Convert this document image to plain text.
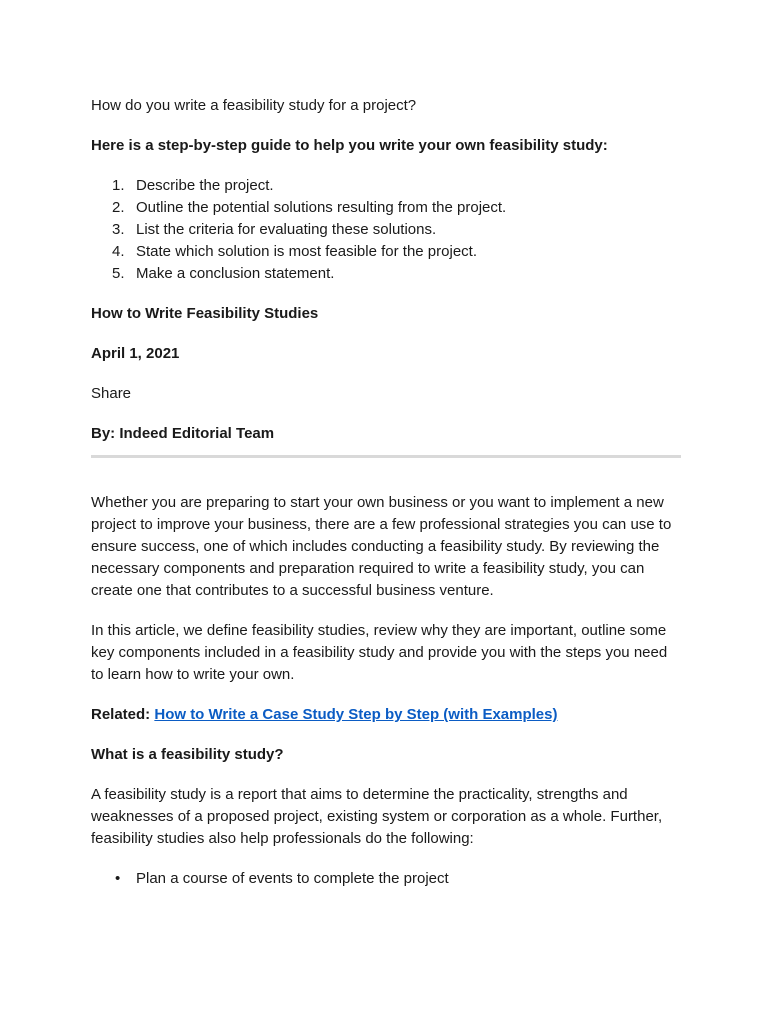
How do you write a feasibility study for a project?

Here is a step-by-step guide to help you write your own feasibility study:

1. Describe the project.
2. Outline the potential solutions resulting from the project.
3. List the criteria for evaluating these solutions.
4. State which solution is most feasible for the project.
5. Make a conclusion statement.

How to Write Feasibility Studies

April 1, 2021

Share

By: Indeed Editorial Team

Whether you are preparing to start your own business or you want to implement a new project to improve your business, there are a few professional strategies you can use to ensure success, one of which includes conducting a feasibility study. By reviewing the necessary components and preparation required to write a feasibility study, you can create one that contributes to a successful business venture.

In this article, we define feasibility studies, review why they are important, outline some key components included in a feasibility study and provide you with the steps you need to learn how to write your own.

Related: How to Write a Case Study Step by Step (with Examples)

What is a feasibility study?

A feasibility study is a report that aims to determine the practicality, strengths and weaknesses of a proposed project, existing system or corporation as a whole. Further, feasibility studies also help professionals do the following:

• Plan a course of events to complete the project
